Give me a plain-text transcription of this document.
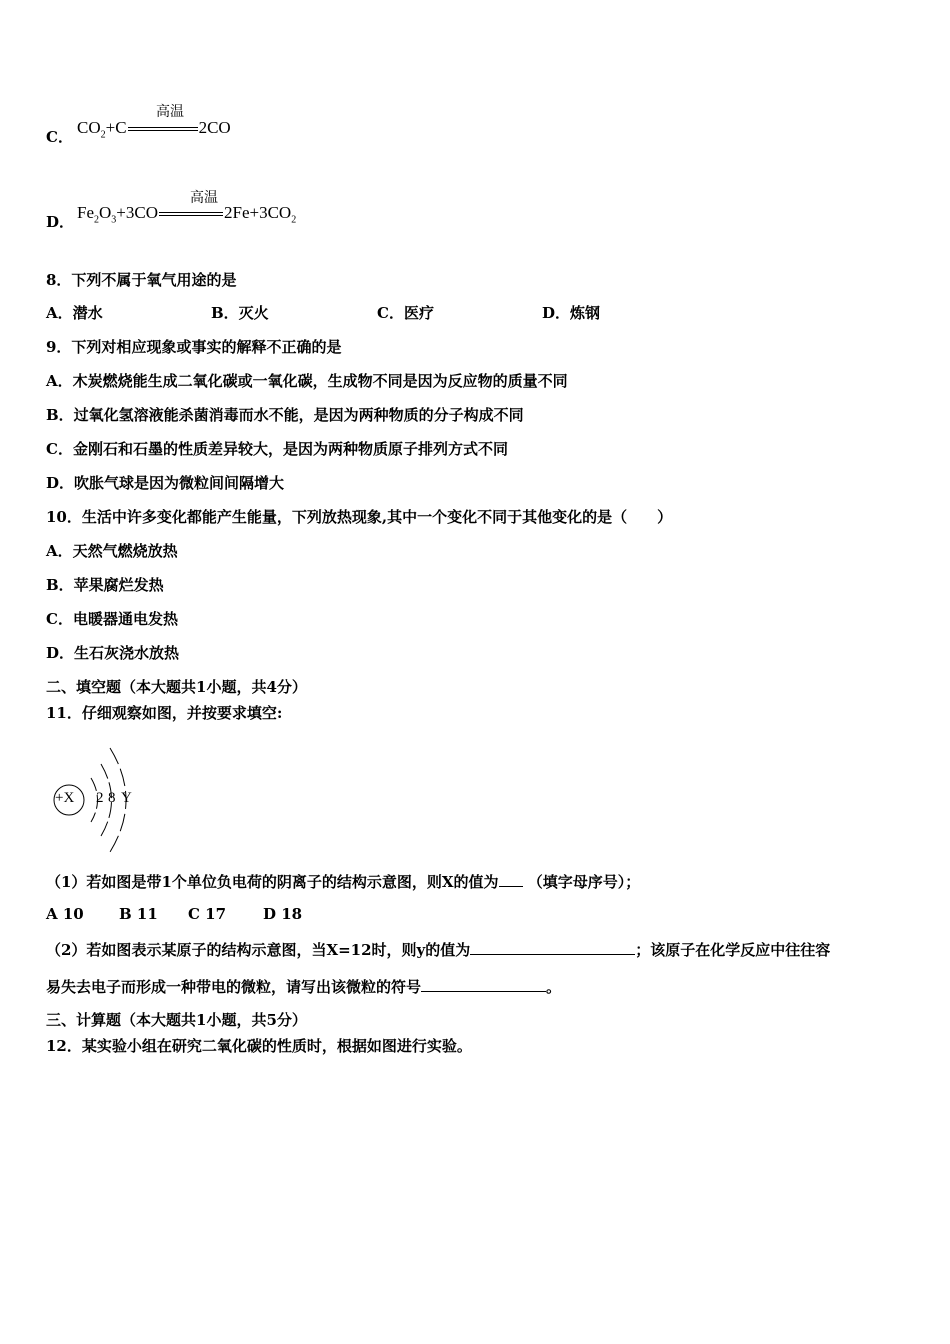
C． $CO_2+C$	2CO
高温
D． $Fe_2O_3+3CO$	$2Fe+3CO_2$
高温
8．下列不属于氧气用途的是
A．潜水	B．灭火	C．医疗	D．炼钢
9．下列对相应现象或事实的解释不正确的是
A．木炭燃烧能生成二氧化碳或一氧化碳，生成物不同是因为反应物的质量不同
B．过氧化氢溶液能杀菌消毒而水不能，是因为两种物质的分子构成不同
C．金刚石和石墨的性质差异较大，是因为两种物质原子排列方式不同
D．吹胀气球是因为微粒间间隔增大
10．生活中许多变化都能产生能量，下列放热现象,其中一个变化不同于其他变化的是（　　）
A．天然气燃烧放热
B．苹果腐烂发热
C．电暖器通电发热
D．生石灰浇水放热
二、填空题（本大题共1小题，共4分）
11．仔细观察如图，并按要求填空:
+X 2 8 Y
（1）若如图是带1个单位负电荷的阴离子的结构示意图，则X的值为 （填字母序号）；
A 10 B 11 C 17 D 18
（2）若如图表示某原子的结构示意图，当X=12时，则y的值为	；该原子在化学反应中往往容
易失去电子而形成一种带电的微粒，请写出该微粒的符号	。
三、计算题（本大题共1小题，共5分）
12．某实验小组在研究二氧化碳的性质时，根据如图进行实验。
